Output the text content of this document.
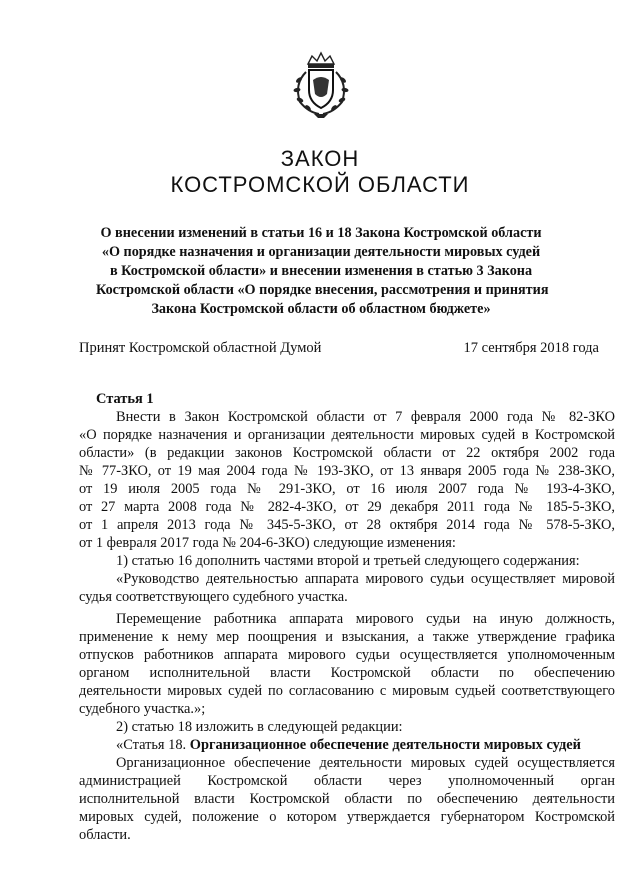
ЗАКОН
КОСТРОМСКОЙ ОБЛАСТИ
О внесении изменений в статьи 16 и 18 Закона Костромской области
«О порядке назначения и организации деятельности мировых судей
в Костромской области» и внесении изменения в статью 3 Закона
Костромской области «О порядке внесения, рассмотрения и принятия
Закона Костромской области об областном бюджете»
Принят Костромской областной Думой	17 сентября 2018 года
Статья 1
Внести в Закон Костромской области от 7 февраля 2000 года № 82-ЗКО
«О порядке назначения и организации деятельности мировых судей в Костромской
области» (в редакции законов Костромской области от 22 октября 2002 года
№ 77-ЗКО, от 19 мая 2004 года № 193-ЗКО, от 13 января 2005 года № 238-ЗКО,
от 19 июля 2005 года № 291-ЗКО, от 16 июля 2007 года № 193-4-ЗКО,
от 27 марта 2008 года № 282-4-ЗКО, от 29 декабря 2011 года № 185-5-ЗКО,
от 1 апреля 2013 года № 345-5-ЗКО, от 28 октября 2014 года № 578-5-ЗКО,
от 1 февраля 2017 года № 204-6-ЗКО) следующие изменения:
1) статью 16 дополнить частями второй и третьей следующего содержания:
«Руководство деятельностью аппарата мирового судьи осуществляет мировой
судья соответствующего судебного участка.
Перемещение работника аппарата мирового судьи на иную должность,
применение к нему мер поощрения и взыскания, а также утверждение графика
отпусков работников аппарата мирового судьи осуществляется уполномоченным
органом исполнительной власти Костромской области по обеспечению
деятельности мировых судей по согласованию с мировым судьей соответствующего
судебного участка.»;
2) статью 18 изложить в следующей редакции:
«Статья 18. Организационное обеспечение деятельности мировых судей
Организационное обеспечение деятельности мировых судей осуществляется
администрацией Костромской области через уполномоченный орган
исполнительной власти Костромской области по обеспечению деятельности
мировых судей, положение о котором утверждается губернатором Костромской
области.
